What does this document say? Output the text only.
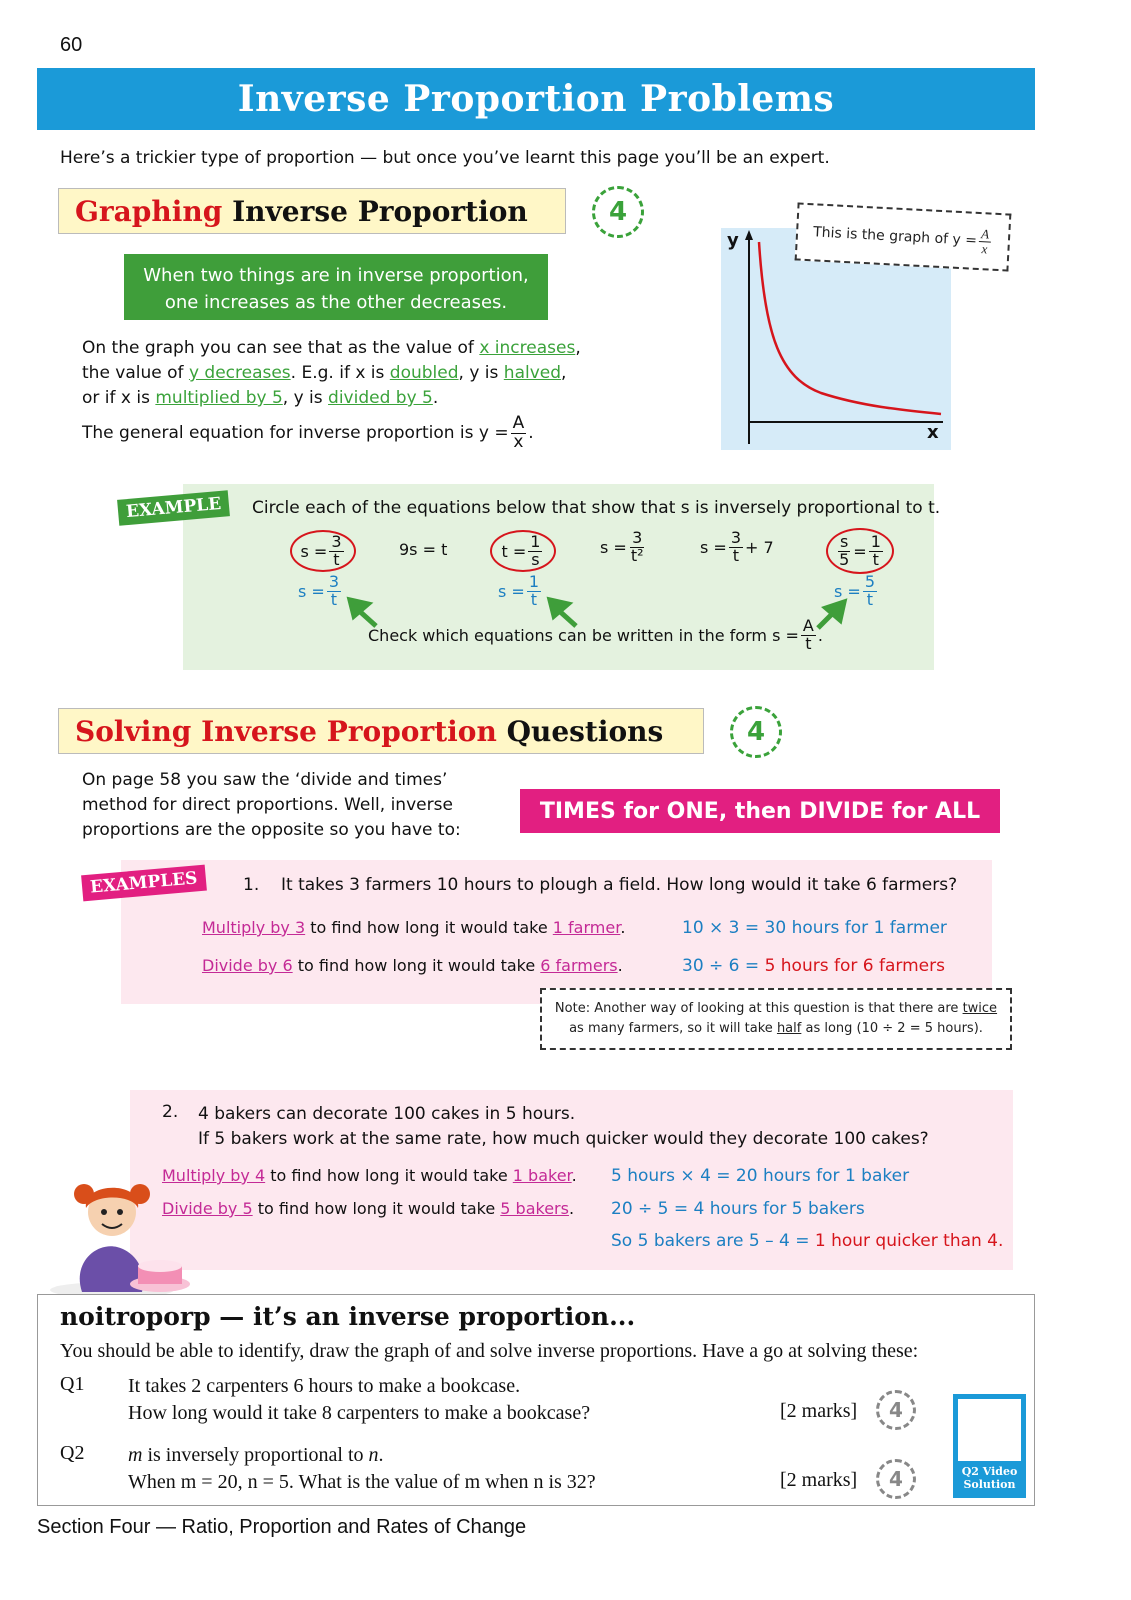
60
Inverse Proportion Problems
Here’s a trickier type of proportion — but once you’ve learnt this page you’ll be an expert.
Graphing
Inverse Proportion	4
When two things are in inverse proportion,
one increases as the other decreases.
On the graph you can see that as the value of x increases,
the value of y decreases. E.g. if x is doubled, y is halved,
or if x is multiplied by 5, y is divided by 5.
The general equation for inverse proportion is $y = \frac{A}{x}$ .
y
x
This is the graph of $y = \frac{A}{x}$
EXAMPLE	Circle each of the equations below that show that s is inversely proportional to t.
$s = \frac{3}{t}$	9s = t	$t = \frac{1}{s}$	$s = \frac{3}{\text{t²}}$	$s = \frac{3}{t} + 7$	$\frac{s}{5} = \frac{1}{t}$
$s = \frac{3}{t}$	$s = \frac{1}{t}$	$s = \frac{5}{t}$
Check which equations can be written in the form $s = \frac{A}{t}$ .
Solving Inverse Proportion
Questions	4
On page 58 you saw the ‘divide and times’
method for direct proportions. Well, inverse
proportions are the opposite so you have to:
TIMES for ONE, then DIVIDE for ALL
EXAMPLES	1. It takes 3 farmers 10 hours to plough a field. How long would it take 6 farmers?
Multiply by 3 to find how long it would take 1 farmer.	10 × 3 = 30 hours for 1 farmer
Divide by 6 to find how long it would take 6 farmers.	30 ÷ 6 = 5 hours for 6 farmers
Note: Another way of looking at this question is that there are twice
as many farmers, so it will take half as long (10 ÷ 2 = 5 hours).
2. 4 bakers can decorate 100 cakes in 5 hours.
If 5 bakers work at the same rate, how much quicker would they decorate 100 cakes?
Multiply by 4 to find how long it would take 1 baker. 5 hours × 4 = 20 hours for 1 baker
Divide by 5 to find how long it would take 5 bakers. 20 ÷ 5 = 4 hours for 5 bakers
So 5 bakers are 5 – 4 = 1 hour quicker than 4.
noitroporp — it’s an inverse proportion...
You should be able to identify, draw the graph of and solve inverse proportions. Have a go at solving these:
Q1 It takes 2 carpenters 6 hours to make a bookcase.
How long would it take 8 carpenters to make a bookcase?	[2 marks] 4
Q2 m is inversely proportional to n.
When m = 20, n = 5. What is the value of m when n is 32?	[2 marks] 4	Q2 Video
Solution
Section Four — Ratio, Proportion and Rates of Change
